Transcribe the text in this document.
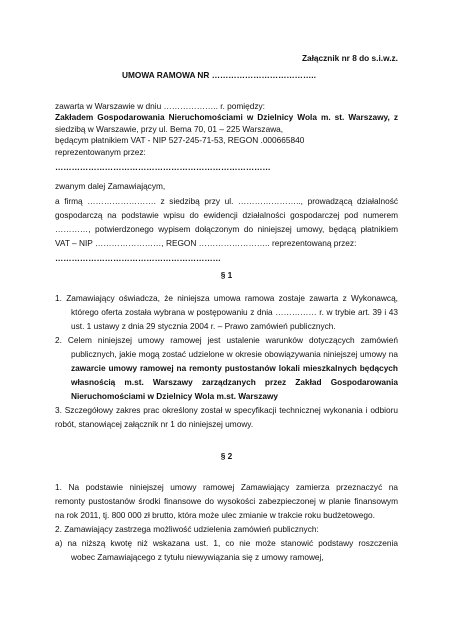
Załącznik nr 8 do s.i.w.z.
UMOWA RAMOWA NR ………………………………..
zawarta w Warszawie w dniu ……………….. r. pomiędzy:
Zakładem Gospodarowania Nieruchomościami w Dzielnicy Wola m. st. Warszawy, z
siedzibą w Warszawie, przy ul. Bema 70, 01 – 225 Warszawa,
będącym płatnikiem VAT - NIP 527-245-71-53, REGON .000665840
reprezentowanym przez:
……………………………………………………………………
zwanym dalej Zamawiającym,
a firmą ……………………. z siedzibą przy ul. ………………….., prowadzącą działalność
gospodarczą na podstawie wpisu do ewidencji działalności gospodarczej pod numerem
…………, potwierdzonego wypisem dołączonym do niniejszej umowy, będącą płatnikiem
VAT – NIP ……………………, REGON …………………….. reprezentowaną przez:
……………………………………………………
§ 1
1. Zamawiający oświadcza, że niniejsza umowa ramowa zostaje zawarta z Wykonawcą,
którego oferta została wybrana w postępowaniu z dnia …………… r. w trybie art. 39 i 43
ust. 1 ustawy z dnia 29 stycznia 2004 r. – Prawo zamówień publicznych.
2. Celem niniejszej umowy ramowej jest ustalenie warunków dotyczących zamówień
publicznych, jakie mogą zostać udzielone w okresie obowiązywania niniejszej umowy na
zawarcie umowy ramowej na remonty pustostanów lokali mieszkalnych będących
własnością m.st. Warszawy zarządzanych przez Zakład Gospodarowania
Nieruchomościami w Dzielnicy Wola m.st. Warszawy
3. Szczegółowy zakres prac określony został w specyfikacji technicznej wykonania i odbioru
robót, stanowiącej załącznik nr 1 do niniejszej umowy.
§ 2
1. Na podstawie niniejszej umowy ramowej Zamawiający zamierza przeznaczyć na
remonty pustostanów środki finansowe do wysokości zabezpieczonej w planie finansowym
na rok 2011, tj. 800 000 zł brutto, która może ulec zmianie w trakcie roku budżetowego.
2. Zamawiający zastrzega możliwość udzielenia zamówień publicznych:
a) na niższą kwotę niż wskazana ust. 1, co nie może stanowić podstawy roszczenia
wobec Zamawiającego z tytułu niewywiązania się z umowy ramowej,
